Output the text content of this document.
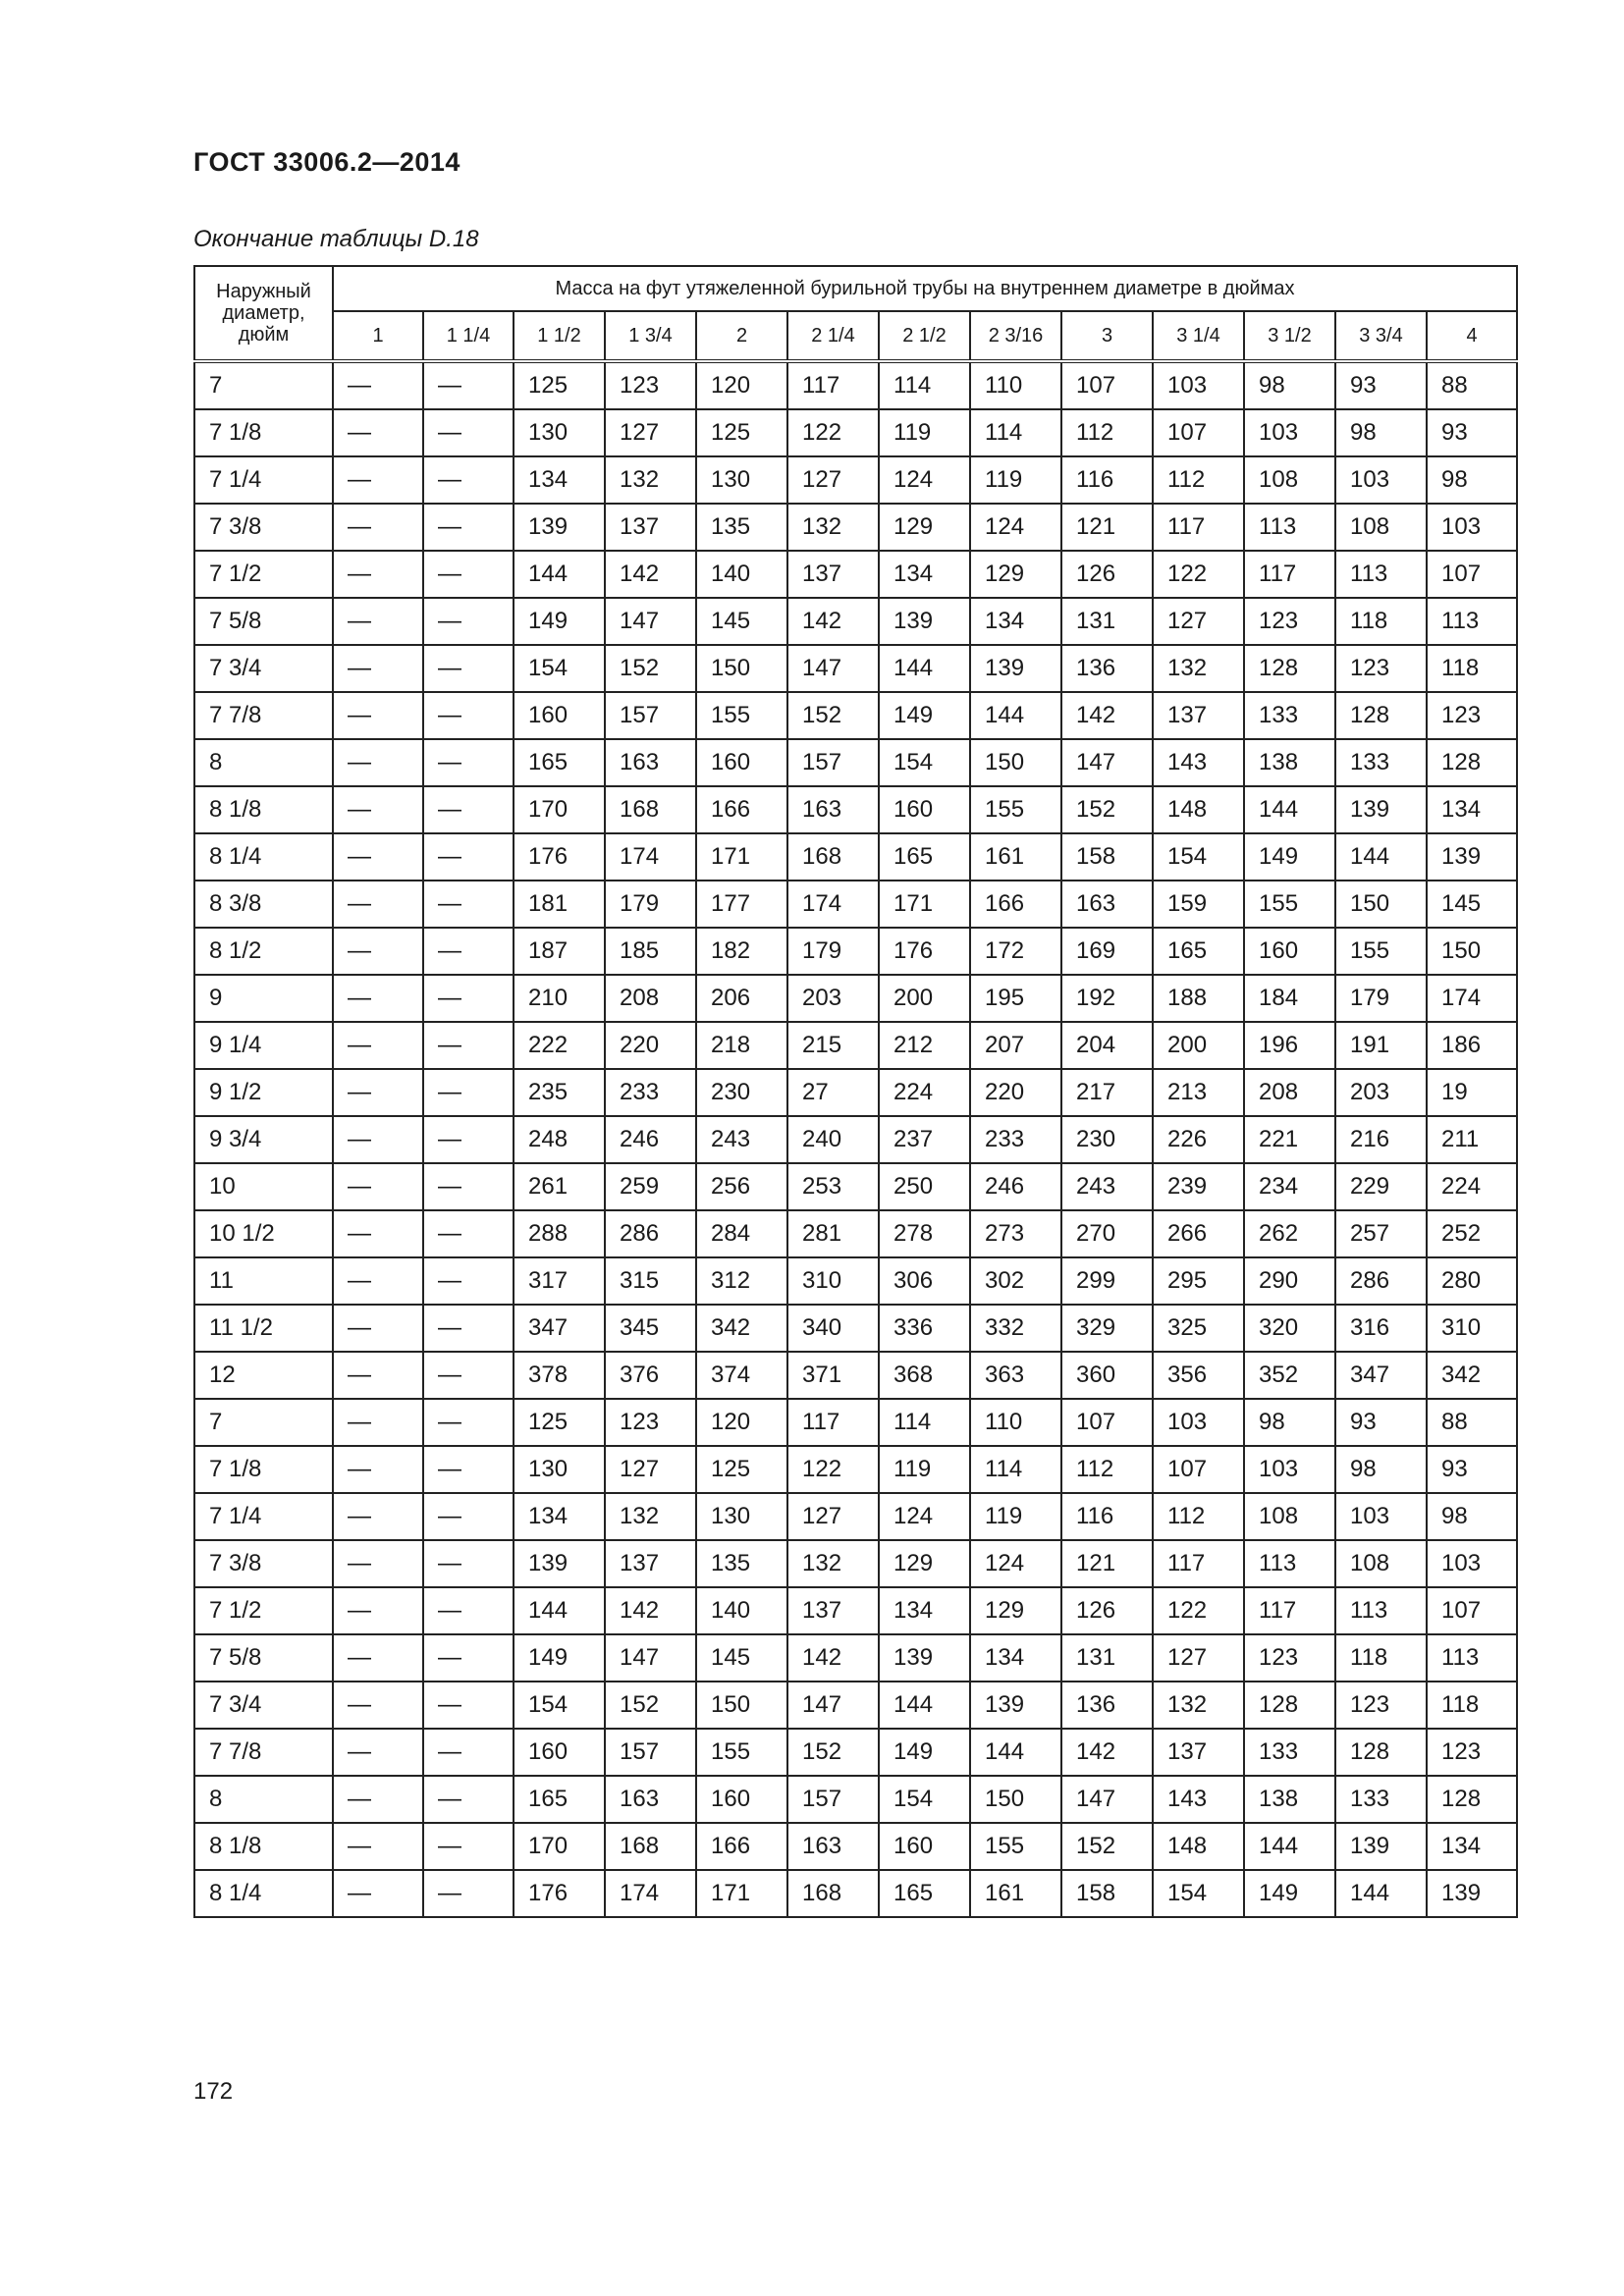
ГОСТ 33006.2—2014
Окончание таблицы D.18
Наружный диаметр, дюйм	Масса на фут утяжеленной бурильной трубы на внутреннем диаметре в дюймах												
	1	1 1/4	1 1/2	1 3/4	2	2 1/4	2 1/2	2 3/16	3	3 1/4	3 1/2	3 3/4	4
7	—	—	125	123	120	117	114	110	107	103	98	93	88
7 1/8	—	—	130	127	125	122	119	114	112	107	103	98	93
7 1/4	—	—	134	132	130	127	124	119	116	112	108	103	98
7 3/8	—	—	139	137	135	132	129	124	121	117	113	108	103
7 1/2	—	—	144	142	140	137	134	129	126	122	117	113	107
7 5/8	—	—	149	147	145	142	139	134	131	127	123	118	113
7 3/4	—	—	154	152	150	147	144	139	136	132	128	123	118
7 7/8	—	—	160	157	155	152	149	144	142	137	133	128	123
8	—	—	165	163	160	157	154	150	147	143	138	133	128
8 1/8	—	—	170	168	166	163	160	155	152	148	144	139	134
8 1/4	—	—	176	174	171	168	165	161	158	154	149	144	139
8 3/8	—	—	181	179	177	174	171	166	163	159	155	150	145
8 1/2	—	—	187	185	182	179	176	172	169	165	160	155	150
9	—	—	210	208	206	203	200	195	192	188	184	179	174
9 1/4	—	—	222	220	218	215	212	207	204	200	196	191	186
9 1/2	—	—	235	233	230	27	224	220	217	213	208	203	19
9 3/4	—	—	248	246	243	240	237	233	230	226	221	216	211
10	—	—	261	259	256	253	250	246	243	239	234	229	224
10 1/2	—	—	288	286	284	281	278	273	270	266	262	257	252
11	—	—	317	315	312	310	306	302	299	295	290	286	280
11 1/2	—	—	347	345	342	340	336	332	329	325	320	316	310
12	—	—	378	376	374	371	368	363	360	356	352	347	342
7	—	—	125	123	120	117	114	110	107	103	98	93	88
7 1/8	—	—	130	127	125	122	119	114	112	107	103	98	93
7 1/4	—	—	134	132	130	127	124	119	116	112	108	103	98
7 3/8	—	—	139	137	135	132	129	124	121	117	113	108	103
7 1/2	—	—	144	142	140	137	134	129	126	122	117	113	107
7 5/8	—	—	149	147	145	142	139	134	131	127	123	118	113
7 3/4	—	—	154	152	150	147	144	139	136	132	128	123	118
7 7/8	—	—	160	157	155	152	149	144	142	137	133	128	123
8	—	—	165	163	160	157	154	150	147	143	138	133	128
8 1/8	—	—	170	168	166	163	160	155	152	148	144	139	134
8 1/4	—	—	176	174	171	168	165	161	158	154	149	144	139
172
